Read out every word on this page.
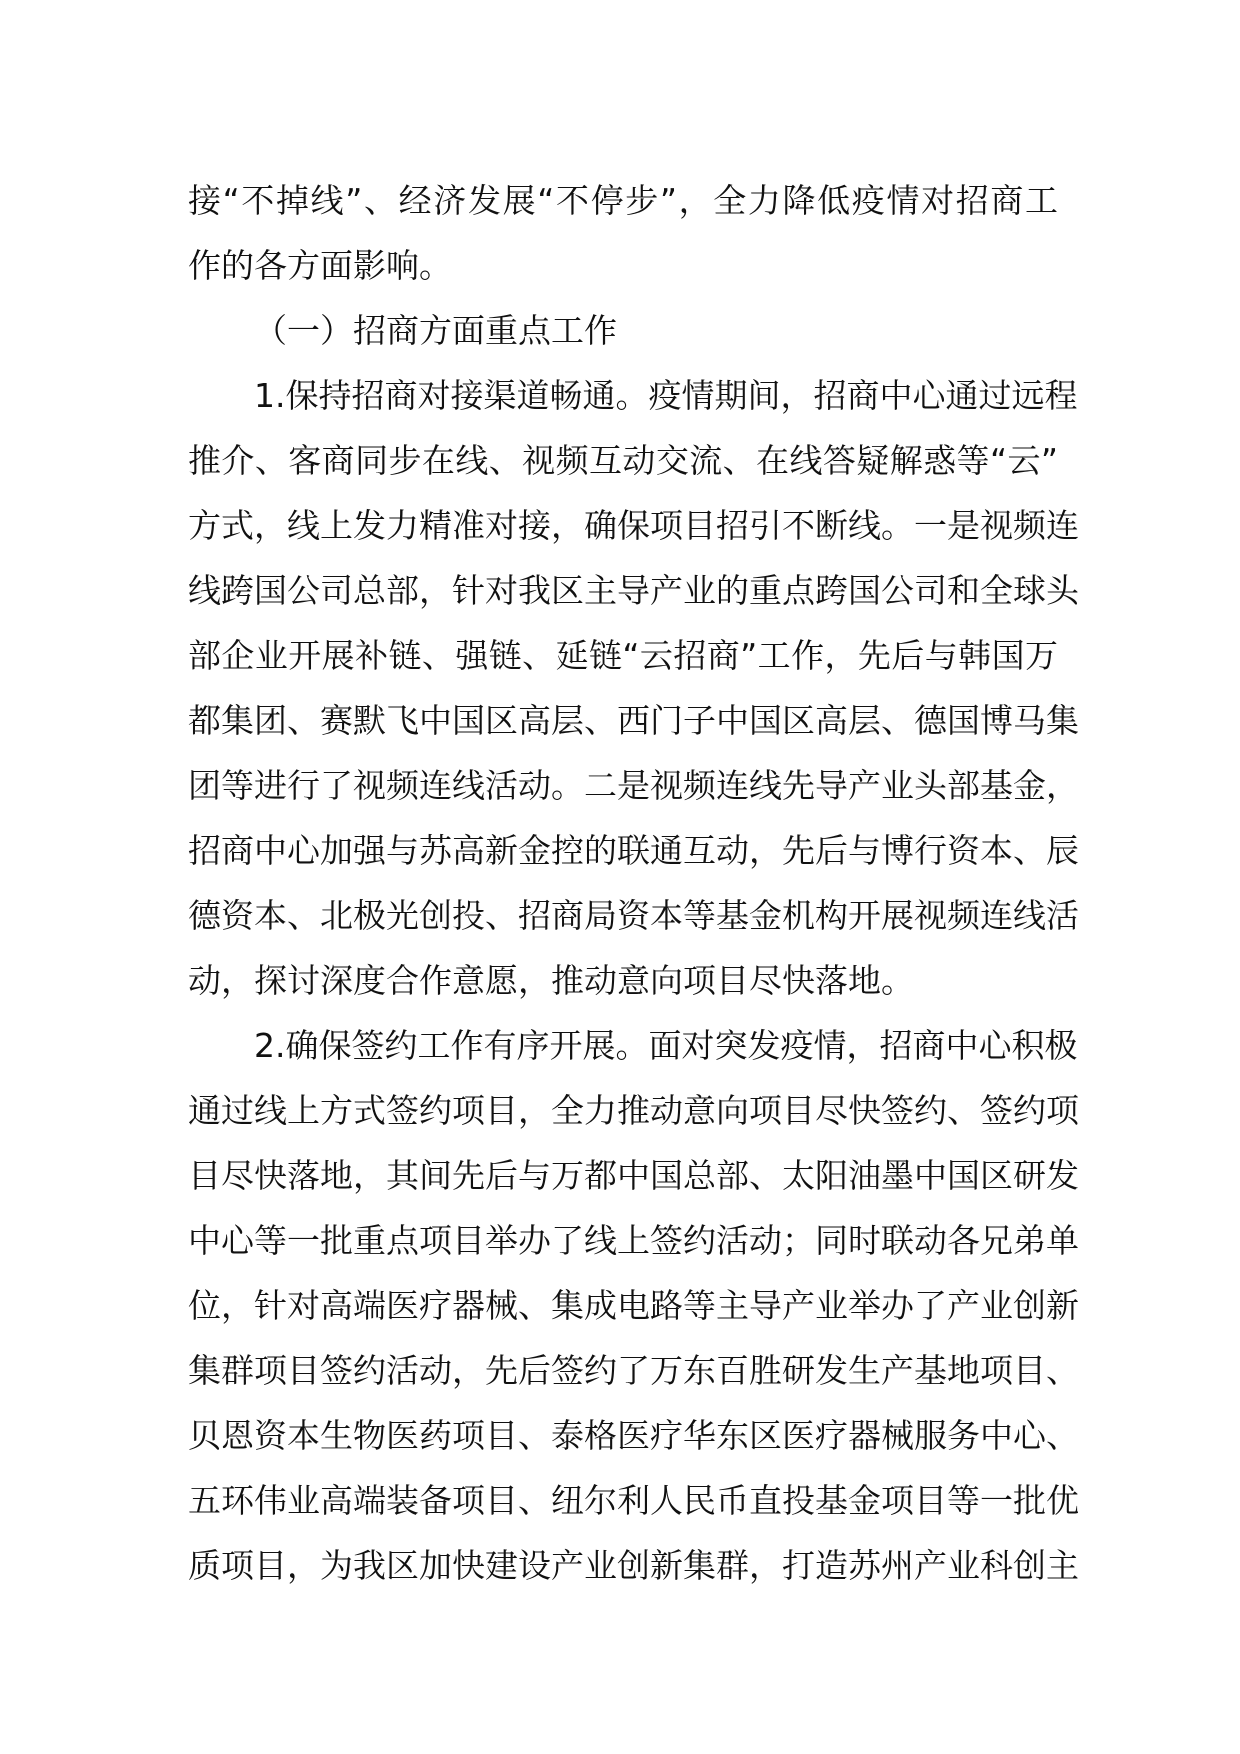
接“不掉线”、经济发展“不停步”，全力降低疫情对招商工
作的各方面影响。
（一）招商方面重点工作
1.保持招商对接渠道畅通。疫情期间，招商中心通过远程
推介、客商同步在线、视频互动交流、在线答疑解惑等“云”
方式，线上发力精准对接，确保项目招引不断线。一是视频连
线跨国公司总部，针对我区主导产业的重点跨国公司和全球头
部企业开展补链、强链、延链“云招商”工作，先后与韩国万
都集团、赛默飞中国区高层、西门子中国区高层、德国博马集
团等进行了视频连线活动。二是视频连线先导产业头部基金，
招商中心加强与苏高新金控的联通互动，先后与博行资本、辰
德资本、北极光创投、招商局资本等基金机构开展视频连线活
动，探讨深度合作意愿，推动意向项目尽快落地。
2.确保签约工作有序开展。面对突发疫情，招商中心积极
通过线上方式签约项目，全力推动意向项目尽快签约、签约项
目尽快落地，其间先后与万都中国总部、太阳油墨中国区研发
中心等一批重点项目举办了线上签约活动；同时联动各兄弟单
位，针对高端医疗器械、集成电路等主导产业举办了产业创新
集群项目签约活动，先后签约了万东百胜研发生产基地项目、
贝恩资本生物医药项目、泰格医疗华东区医疗器械服务中心、
五环伟业高端装备项目、纽尔利人民币直投基金项目等一批优
质项目，为我区加快建设产业创新集群，打造苏州产业科创主
